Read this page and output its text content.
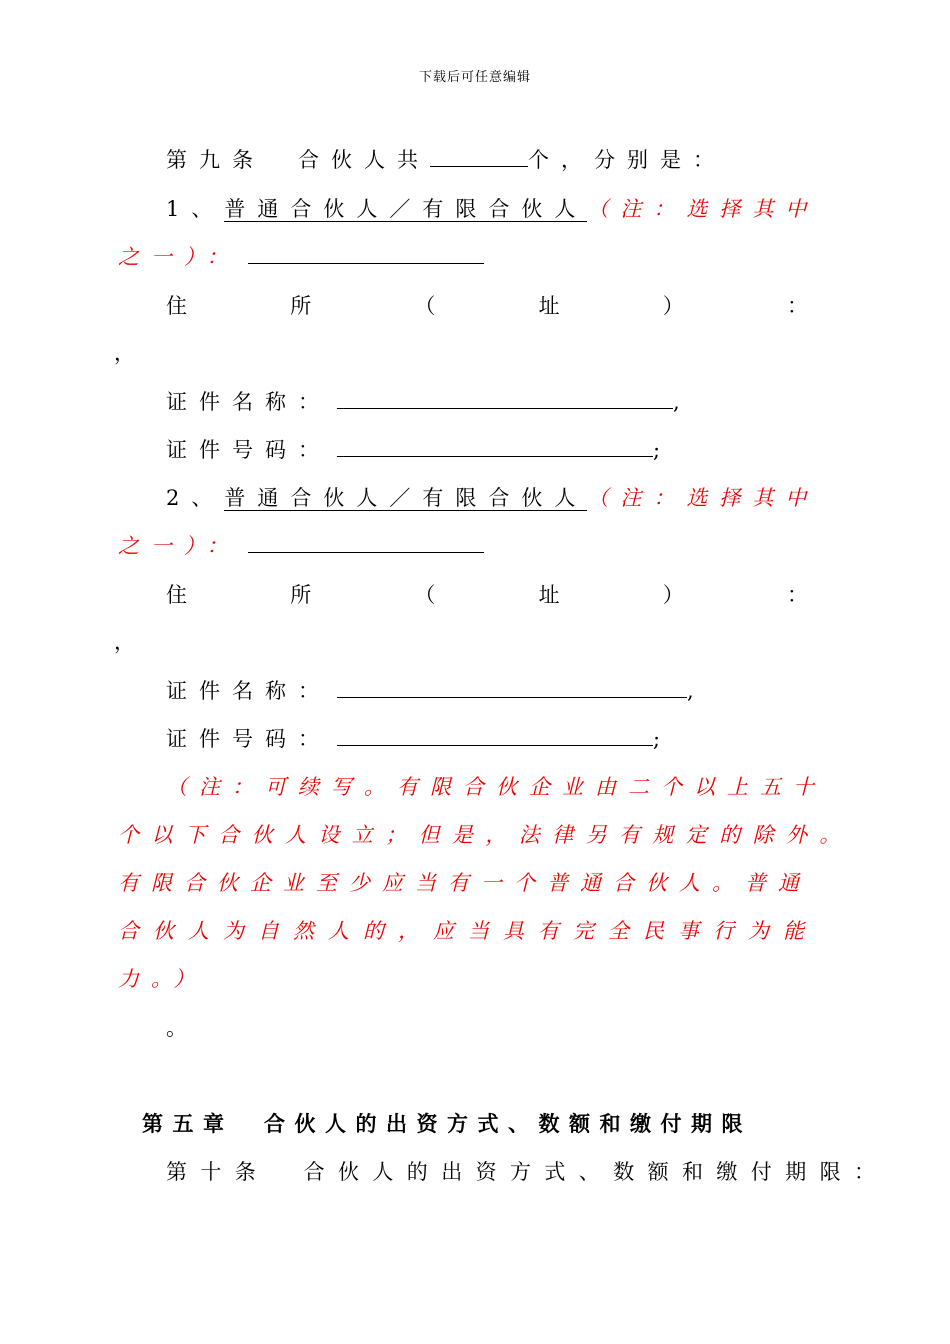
下载后可任意编辑
第九条　合伙人共	个，分别是：
1、普通合伙人／有限合伙人（注：选择其中
之一）：
住	所	（	址	）	：
，
证件名称：	,
证件号码：	;
2、普通合伙人／有限合伙人（注：选择其中
之一）：
住	所	（	址	）	：
，
证件名称：	,
证件号码：	;
（注：可续写。有限合伙企业由二个以上五十
个以下合伙人设立；但是，法律另有规定的除外。
有限合伙企业至少应当有一个普通合伙人。普通
合伙人为自然人的，应当具有完全民事行为能
力。）
。
第五章　合伙人的出资方式、数额和缴付期限
第十条　合伙人的出资方式、数额和缴付期限：
